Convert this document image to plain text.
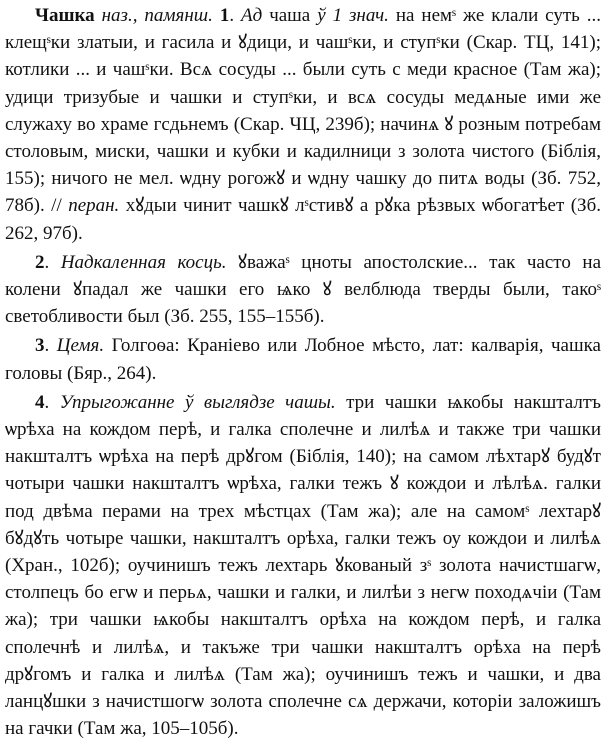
Чашка наз., памянш. 1. Ад чаша ў 1 знач. на немˢ же клали суть ... клещˢки златыи, и гасила и ꙋдици, и чашˢки, и ступˢки (Скар. ТЦ, 141); котлики ... и чашˢки. Всѧ сосуды ... были суть с меди красное (Там жа); удици тризубые и чашки и ступˢки, и всѧ сосуды медѧные ими же служаху во храме гсдьнемъ (Скар. ЧЦ, 239б); начинѧ ꙋ розным потребам столовым, миски, чашки и кубки и кадилници з золота чистого (Біблія, 155); ничого не мел. ѡдну рогожꙋ и ѡдну чашку до питѧ воды (Зб. 752, 78б). // перан. хꙋдыи чинит чашкꙋ лˢстивꙋ а рꙋка рѣзвых ѡбогатѣет (Зб. 262, 97б).

2. Надкаленная косць. ꙋважаˢ цноты апостолские... так часто на колени ꙋпадал же чашки его ѩко ꙋ велблюда тверды были, такоˢ светобливости был (Зб. 255, 155–155б).

3. Цемя. Голгоѳа: Краніево или Лобное мѣсто, лат: калварія, чашка головы (Бяр., 264).

4. Упрыгожанне ў выглядзе чашы. три чашки ѩкобы накшталтъ ѡрѣха на кождом перѣ, и галка сполечне и лилѣѧ и также три чашки накшталтъ ѡрѣха на перѣ дрꙋгом (Біблія, 140); на самом лѣхтарꙋ будꙋт чотыри чашки накшталтъ ѡрѣха, галки тежъ ꙋ кождои и лѣлѣѧ. галки под двѣма перами на трех мѣстцах (Там жа); але на самомˢ лехтарꙋ бꙋдꙋть чотыре чашки, накшталтъ орѣха, галки тежъ оу кождои и лилѣѧ (Хран., 102б); оучинишъ тежъ лехтарь ꙋкованый зˢ золота начистшагѡ, столпецъ бо егѡ и перьѧ, чашки и галки, и лилѣи з негѡ походѧчіи (Там жа); три чашки ѩкобы накшталтъ орѣха на кождом перѣ, и галка сполечнѣ и лилѣѧ, и такъже три чашки накшталтъ орѣха на перѣ дрꙋгомъ и галка и лилѣѧ (Там жа); оучинишъ тежъ и чашки, и два ланцꙋшки з начистшогѡ золота сполечне сѧ держачи, которіи заложишъ на гачки (Там жа, 105–105б).
